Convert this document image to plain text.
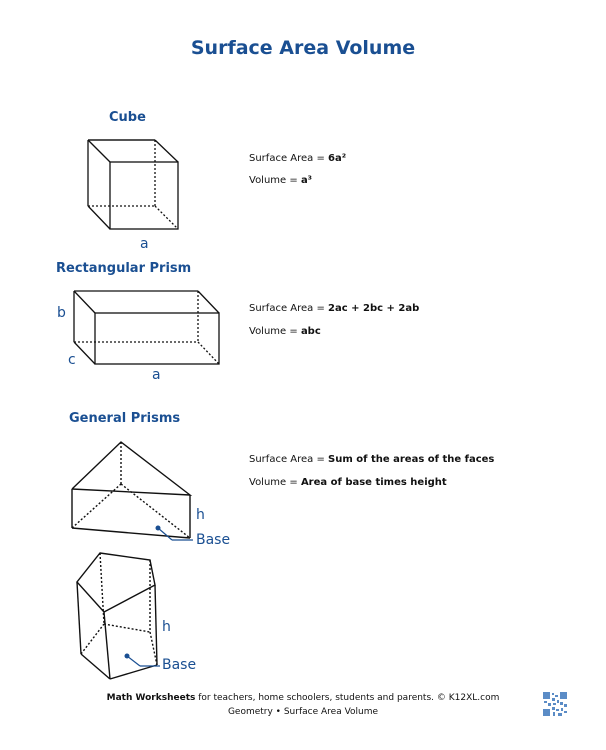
Surface Area Volume
Cube
a
Surface Area = 6a²
Volume = a³
Rectangular Prism
b
c
a
Surface Area = 2ac + 2bc + 2ab
Volume = abc
General Prisms
h
Base
h
Base
Surface Area = Sum of the areas of the faces
Volume = Area of base times height
Math Worksheets for teachers, home schoolers, students and parents. © K12XL.com
Geometry • Surface Area Volume
